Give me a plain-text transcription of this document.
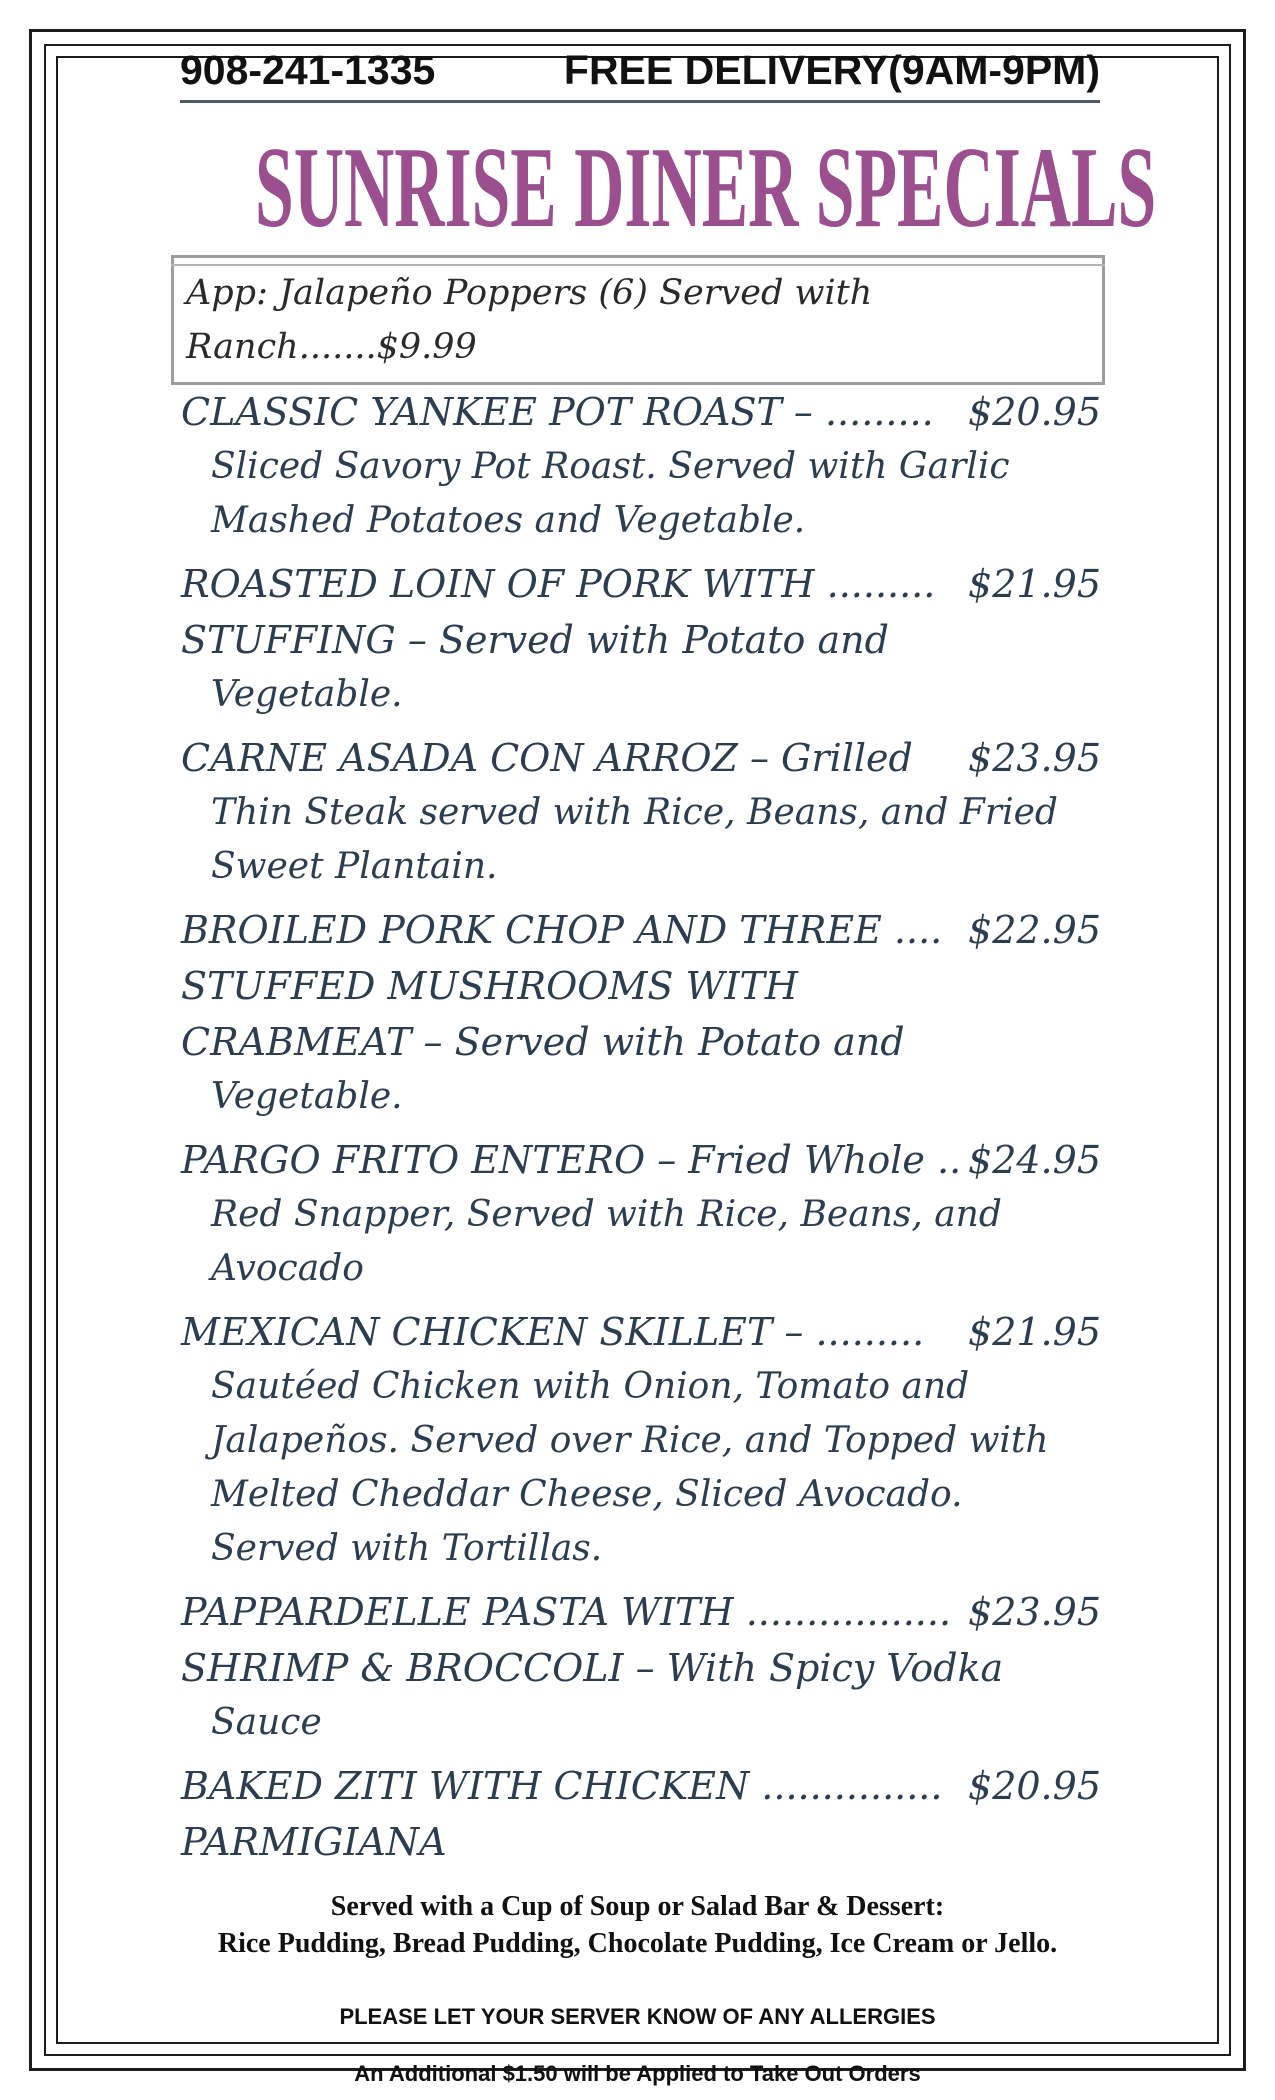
908-241-1335	FREE DELIVERY(9AM-9PM)
SUNRISE DINER SPECIALS
App: Jalapeño Poppers (6) Served with
Ranch.......$9.99
CLASSIC YANKEE POT ROAST – .........
Sliced Savory Pot Roast. Served with Garlic
Mashed Potatoes and Vegetable.
$20.95
ROASTED LOIN OF PORK WITH .........
STUFFING – Served with Potato and
Vegetable.
$21.95
CARNE ASADA CON ARROZ – Grilled
Thin Steak served with Rice, Beans, and Fried
Sweet Plantain.
$23.95
BROILED PORK CHOP AND THREE ....
STUFFED MUSHROOMS WITH
CRABMEAT – Served with Potato and
Vegetable.
$22.95
PARGO FRITO ENTERO – Fried Whole ..
Red Snapper, Served with Rice, Beans, and
Avocado
$24.95
MEXICAN CHICKEN SKILLET – .........
Sautéed Chicken with Onion, Tomato and
Jalapeños. Served over Rice, and Topped with
Melted Cheddar Cheese, Sliced Avocado.
Served with Tortillas.
$21.95
PAPPARDELLE PASTA WITH .................
SHRIMP & BROCCOLI – With Spicy Vodka
Sauce
$23.95
BAKED ZITI WITH CHICKEN ...............
PARMIGIANA
$20.95
Served with a Cup of Soup or Salad Bar & Dessert:
Rice Pudding, Bread Pudding, Chocolate Pudding, Ice Cream or Jello.
PLEASE LET YOUR SERVER KNOW OF ANY ALLERGIES
An Additional $1.50 will be Applied to Take Out Orders
